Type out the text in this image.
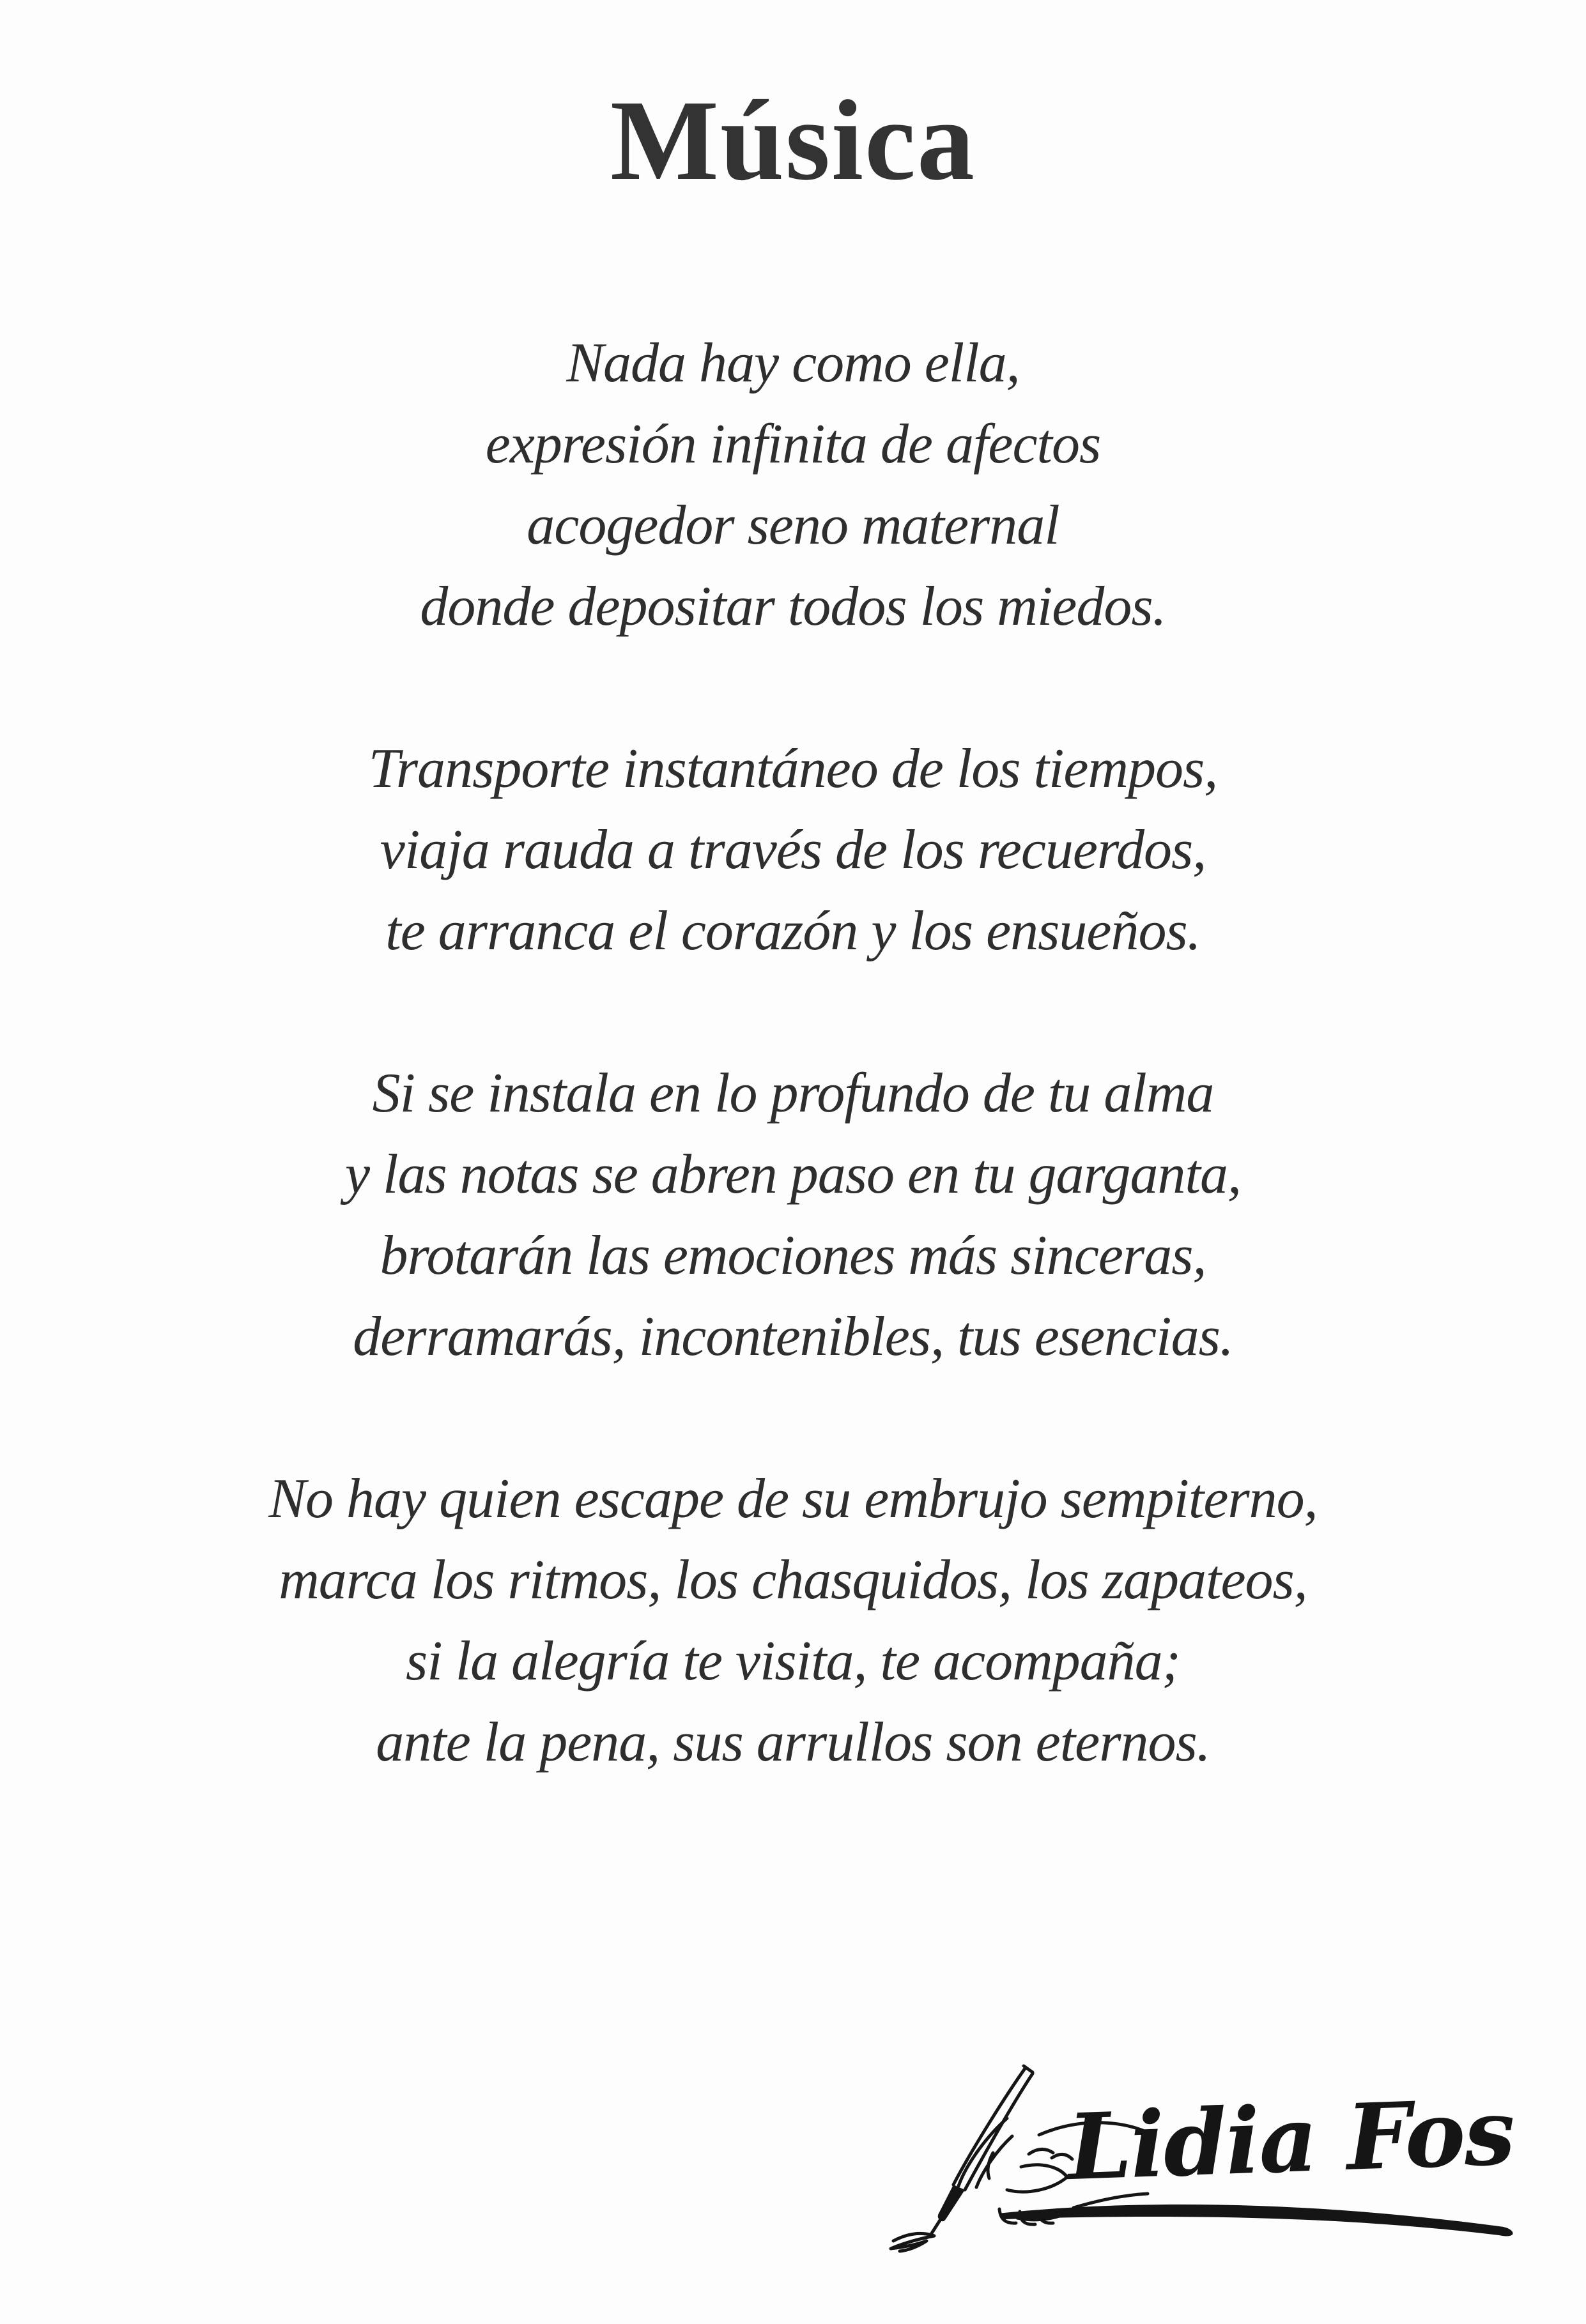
Música

Nada hay como ella,

expresión infinita de afectos

acogedor seno maternal

donde depositar todos los miedos.

Transporte instantáneo de los tiempos,

viaja rauda a través de los recuerdos,

te arranca el corazón y los ensueños.

Si se instala en lo profundo de tu alma

y las notas se abren paso en tu garganta,

brotarán las emociones más sinceras,

derramarás, incontenibles, tus esencias.

No hay quien escape de su embrujo sempiterno,

marca los ritmos, los chasquidos, los zapateos,

si la alegría te visita, te acompaña;

ante la pena, sus arrullos son eternos.

Lidia Fos
